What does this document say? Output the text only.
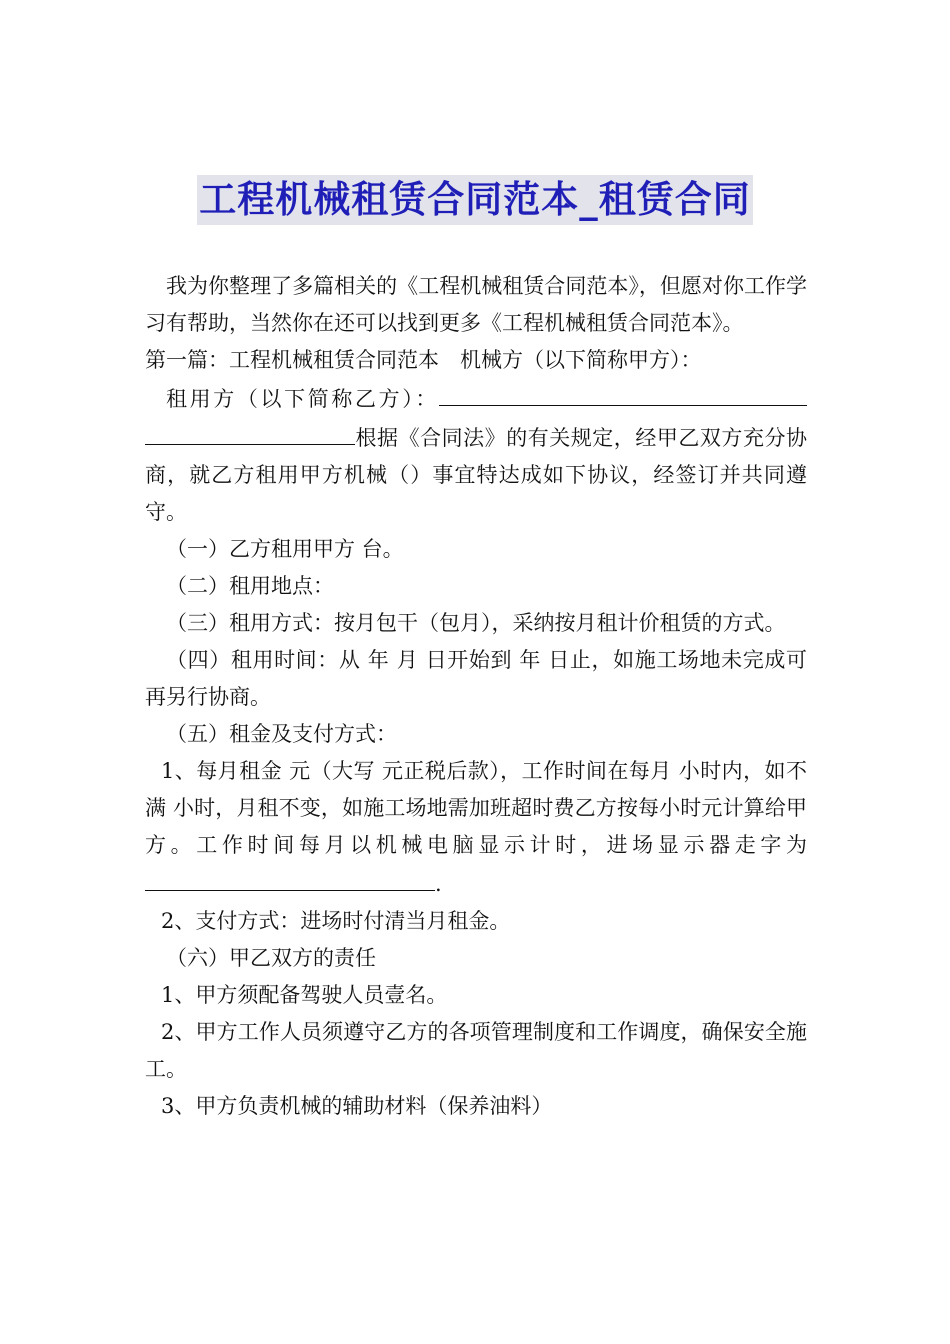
工程机械租赁合同范本_租赁合同

我为你整理了多篇相关的《工程机械租赁合同范本》，但愿对你工作学习有帮助，当然你在还可以找到更多《工程机械租赁合同范本》。

第一篇：工程机械租赁合同范本　机械方（以下简称甲方）：

租用方（以下简称乙方）：根据《合同法》的有关规定，经甲乙双方充分协商，就乙方租用甲方机械（）事宜特达成如下协议，经签订并共同遵守。

（一）乙方租用甲方 台。

（二）租用地点：

（三）租用方式：按月包干（包月），采纳按月租计价租赁的方式。

（四）租用时间：从 年 月 日开始到 年 日止，如施工场地未完成可再另行协商。

（五）租金及支付方式：

1、每月租金 元（大写 元正税后款），工作时间在每月 小时内，如不满 小时，月租不变，如施工场地需加班超时费乙方按每小时元计算给甲方。工作时间每月以机械电脑显示计时，进场显示器走字为.

2、支付方式：进场时付清当月租金。

（六）甲乙双方的责任

1、甲方须配备驾驶人员壹名。

2、甲方工作人员须遵守乙方的各项管理制度和工作调度，确保安全施工。

3、甲方负责机械的辅助材料（保养油料）
